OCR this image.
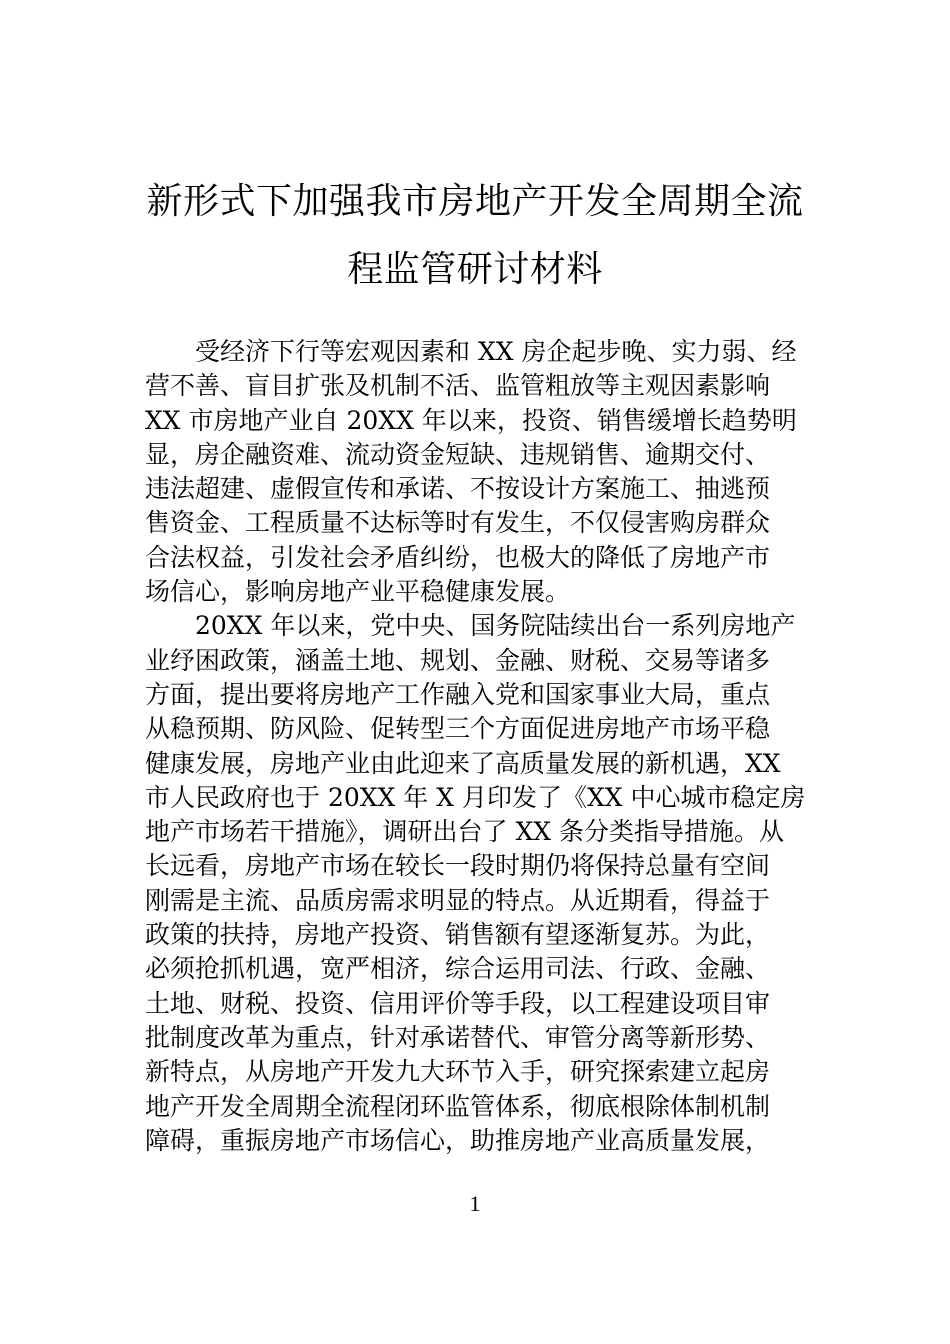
新形式下加强我市房地产开发全周期全流
程监管研讨材料
受经济下行等宏观因素和 XX 房企起步晚、实力弱、经
营不善、盲目扩张及机制不活、监管粗放等主观因素影响
XX 市房地产业自 20XX 年以来，投资、销售缓增长趋势明
显，房企融资难、流动资金短缺、违规销售、逾期交付、
违法超建、虚假宣传和承诺、不按设计方案施工、抽逃预
售资金、工程质量不达标等时有发生，不仅侵害购房群众
合法权益，引发社会矛盾纠纷，也极大的降低了房地产市
场信心，影响房地产业平稳健康发展。
20XX 年以来，党中央、国务院陆续出台一系列房地产
业纾困政策，涵盖土地、规划、金融、财税、交易等诸多
方面，提出要将房地产工作融入党和国家事业大局，重点
从稳预期、防风险、促转型三个方面促进房地产市场平稳
健康发展，房地产业由此迎来了高质量发展的新机遇，XX
市人民政府也于 20XX 年 X 月印发了《XX 中心城市稳定房
地产市场若干措施》，调研出台了 XX 条分类指导措施。从
长远看，房地产市场在较长一段时期仍将保持总量有空间
刚需是主流、品质房需求明显的特点。从近期看，得益于
政策的扶持，房地产投资、销售额有望逐渐复苏。为此，
必须抢抓机遇，宽严相济，综合运用司法、行政、金融、
土地、财税、投资、信用评价等手段，以工程建设项目审
批制度改革为重点，针对承诺替代、审管分离等新形势、
新特点，从房地产开发九大环节入手，研究探索建立起房
地产开发全周期全流程闭环监管体系，彻底根除体制机制
障碍，重振房地产市场信心，助推房地产业高质量发展，
1
